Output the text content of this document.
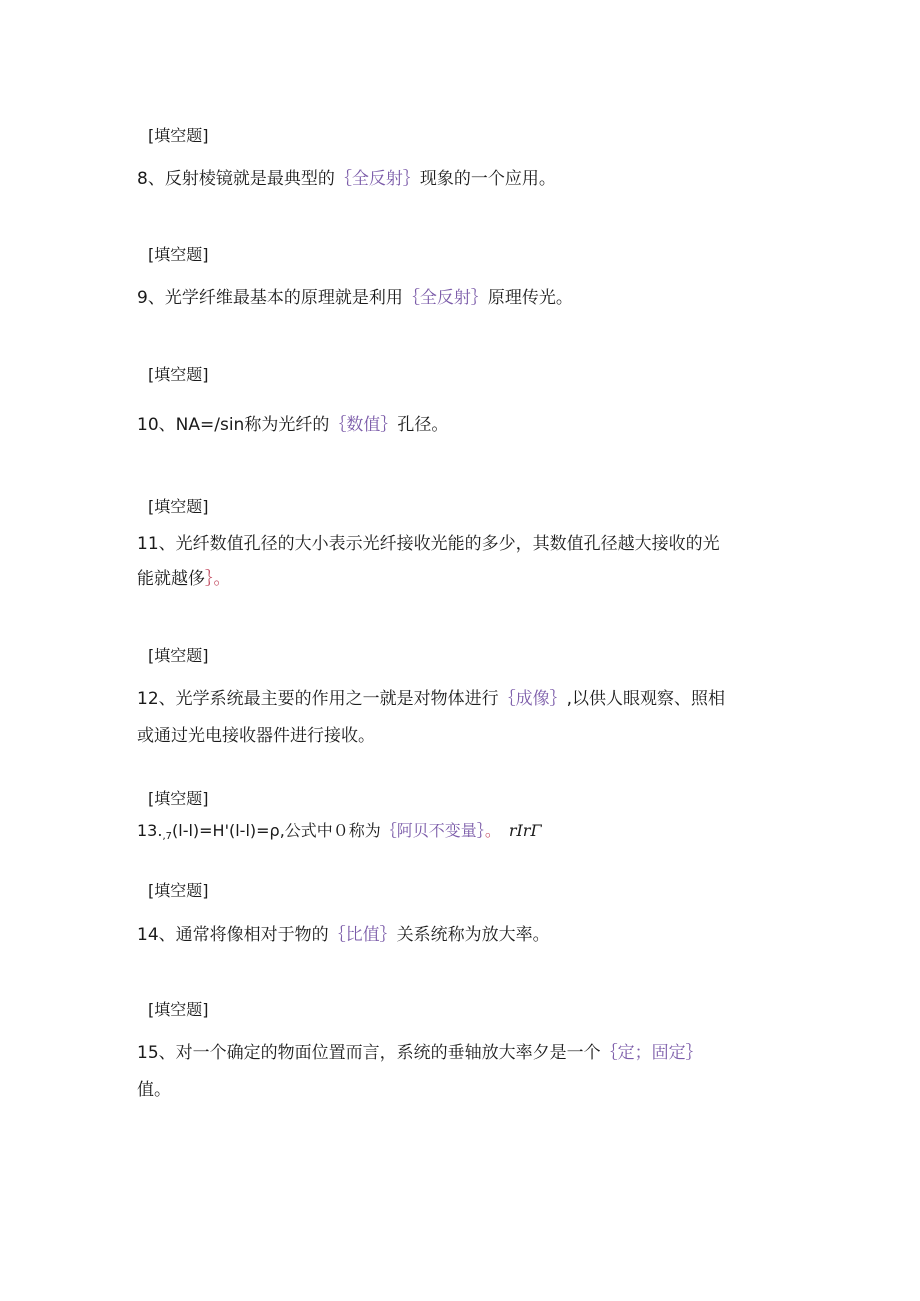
[填空题]
8、反射棱镜就是最典型的｛全反射｝现象的一个应用。
[填空题]
9、光学纤维最基本的原理就是利用｛全反射｝原理传光。
[填空题]
10、NA=/sin称为光纤的｛数值｝孔径。
[填空题]
11、光纤数值孔径的大小表示光纤接收光能的多少，其数值孔径越大接收的光
能就越侈｝。
[填空题]
12、光学系统最主要的作用之一就是对物体进行｛成像｝,以供人眼观察、照相
或通过光电接收器件进行接收。
[填空题]
$13._{,7}(l-l)=H'(l-l)=\rho$,公式中０称为｛阿贝不变量｝。 rIrΓ
[填空题]
14、通常将像相对于物的｛比值｝关系统称为放大率。
[填空题]
15、对一个确定的物面位置而言，系统的垂轴放大率夕是一个｛定；固定｝
值。
